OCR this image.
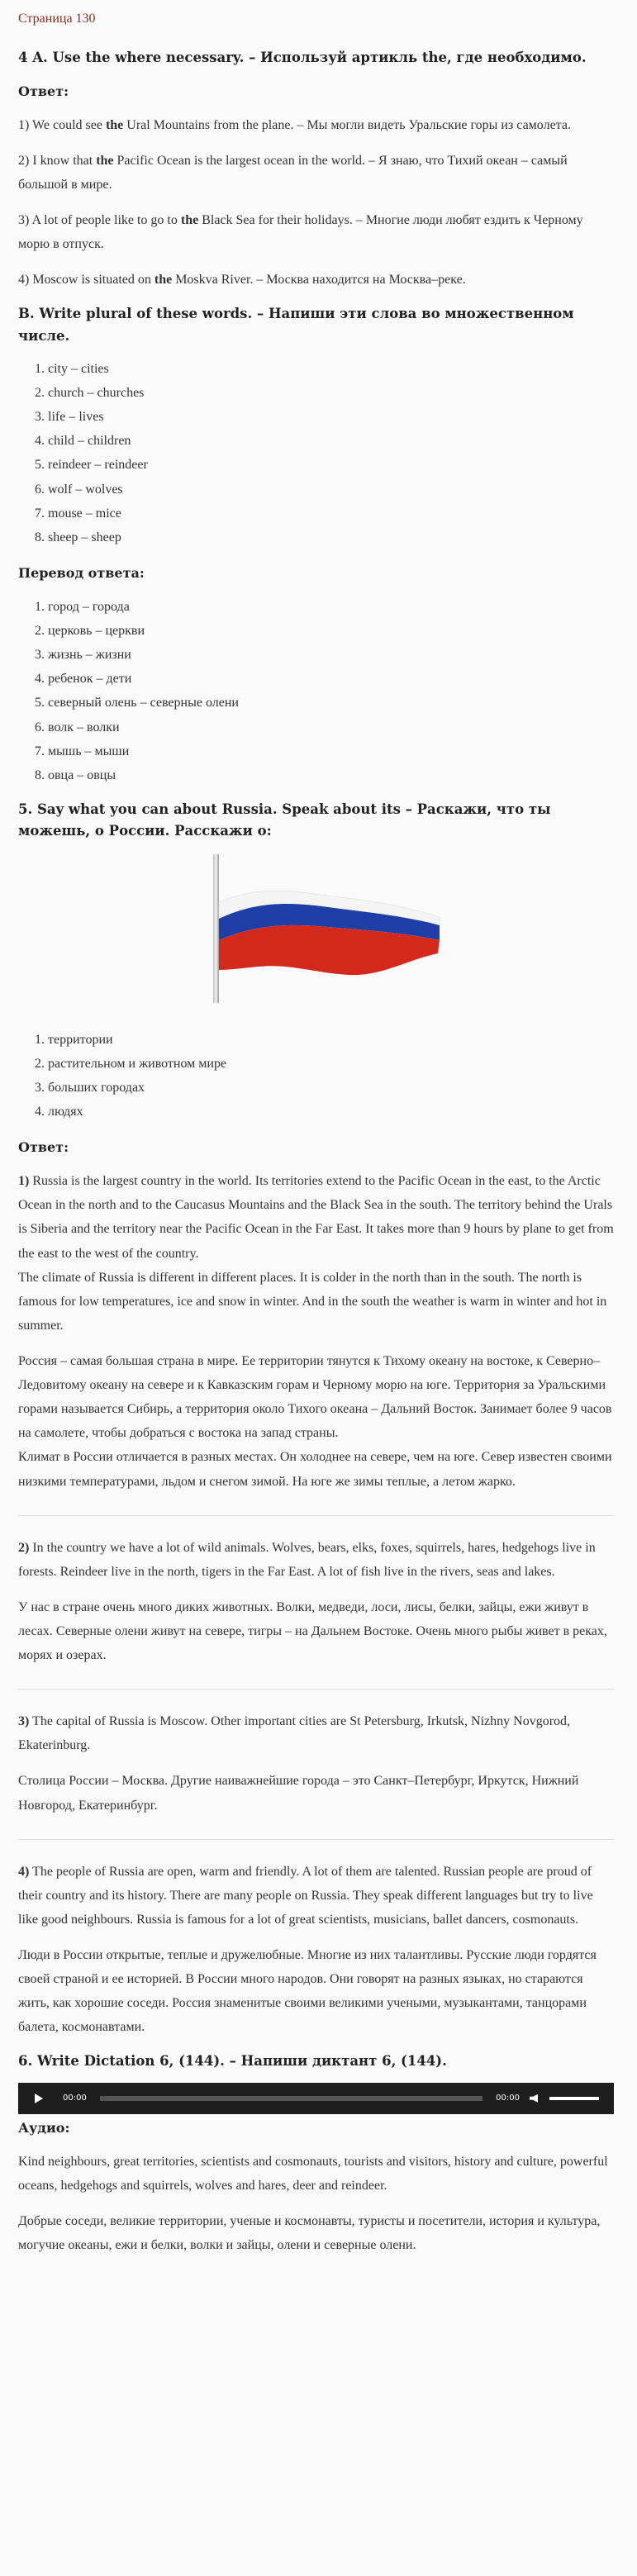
Страница 130
4 A. Use the where necessary. – Используй артикль the, где необходимо.
Ответ:

1) We could see the Ural Mountains from the plane. – Мы могли видеть Уральские горы из самолета.

2) I know that the Pacific Ocean is the largest ocean in the world. – Я знаю, что Тихий океан – самый большой в мире.

3) A lot of people like to go to the Black Sea for their holidays. – Многие люди любят ездить к Черному морю в отпуск.

4) Moscow is situated on the Moskva River. – Москва находится на Москва–реке.

B. Write plural of these words. – Напиши эти слова во множественном числе.
1. city – cities
2. church – churches
3. life – lives
4. child – children
5. reindeer – reindeer
6. wolf – wolves
7. mouse – mice
8. sheep – sheep
Перевод ответа:
1. город – города
2. церковь – церкви
3. жизнь – жизни
4. ребенок – дети
5. северный олень – северные олени
6. волк – волки
7. мышь – мыши
8. овца – овцы
5. Say what you can about Russia. Speak about its – Раскажи, что ты можешь, о России. Расскажи о:
1. территории
2. растительном и животном мире
3. больших городах
4. людях
Ответ:

1) Russia is the largest country in the world. Its territories extend to the Pacific Ocean in the east, to the Arctic Ocean in the north and to the Caucasus Mountains and the Black Sea in the south. The territory behind the Urals is Siberia and the territory near the Pacific Ocean in the Far East. It takes more than 9 hours by plane to get from the east to the west of the country.
The climate of Russia is different in different places. It is colder in the north than in the south. The north is famous for low temperatures, ice and snow in winter. And in the south the weather is warm in winter and hot in summer.

Россия – самая большая страна в мире. Ее территории тянутся к Тихому океану на востоке, к Северно–Ледовитому океану на севере и к Кавказским горам и Черному морю на юге. Территория за Уральскими горами называется Сибирь, а территория около Тихого океана – Дальний Восток. Занимает более 9 часов на самолете, чтобы добраться с востока на запад страны.
Климат в России отличается в разных местах. Он холоднее на севере, чем на юге. Север известен своими низкими температурами, льдом и снегом зимой. На юге же зимы теплые, а летом жарко.

2) In the country we have a lot of wild animals. Wolves, bears, elks, foxes, squirrels, hares, hedgehogs live in forests. Reindeer live in the north, tigers in the Far East. A lot of fish live in the rivers, seas and lakes.

У нас в стране очень много диких животных. Волки, медведи, лоси, лисы, белки, зайцы, ежи живут в лесах. Северные олени живут на севере, тигры – на Дальнем Востоке. Очень много рыбы живет в реках, морях и озерах.

3) The capital of Russia is Moscow. Other important cities are St Petersburg, Irkutsk, Nizhny Novgorod, Ekaterinburg.

Столица России – Москва. Другие наиважнейшие города – это Санкт–Петербург, Иркутск, Нижний Новгород, Екатеринбург.

4) The people of Russia are open, warm and friendly. A lot of them are talented. Russian people are proud of their country and its history. There are many people on Russia. They speak different languages but try to live like good neighbours. Russia is famous for a lot of great scientists, musicians, ballet dancers, cosmonauts.

Люди в России открытые, теплые и дружелюбные. Многие из них талантливы. Русские люди гордятся своей страной и ее историей. В России много народов. Они говорят на разных языках, но стараются жить, как хорошие соседи. Россия знаменитые своими великими учеными, музыкантами, танцорами балета, космонавтами.

6. Write Dictation 6, (144). – Напиши диктант 6, (144).
00:00	00:00
Аудио:

Kind neighbours, great territories, scientists and cosmonauts, tourists and visitors, history and culture, powerful oceans, hedgehogs and squirrels, wolves and hares, deer and reindeer.

Добрые соседи, великие территории, ученые и космонавты, туристы и посетители, история и культура, могучие океаны, ежи и белки, волки и зайцы, олени и северные олени.
